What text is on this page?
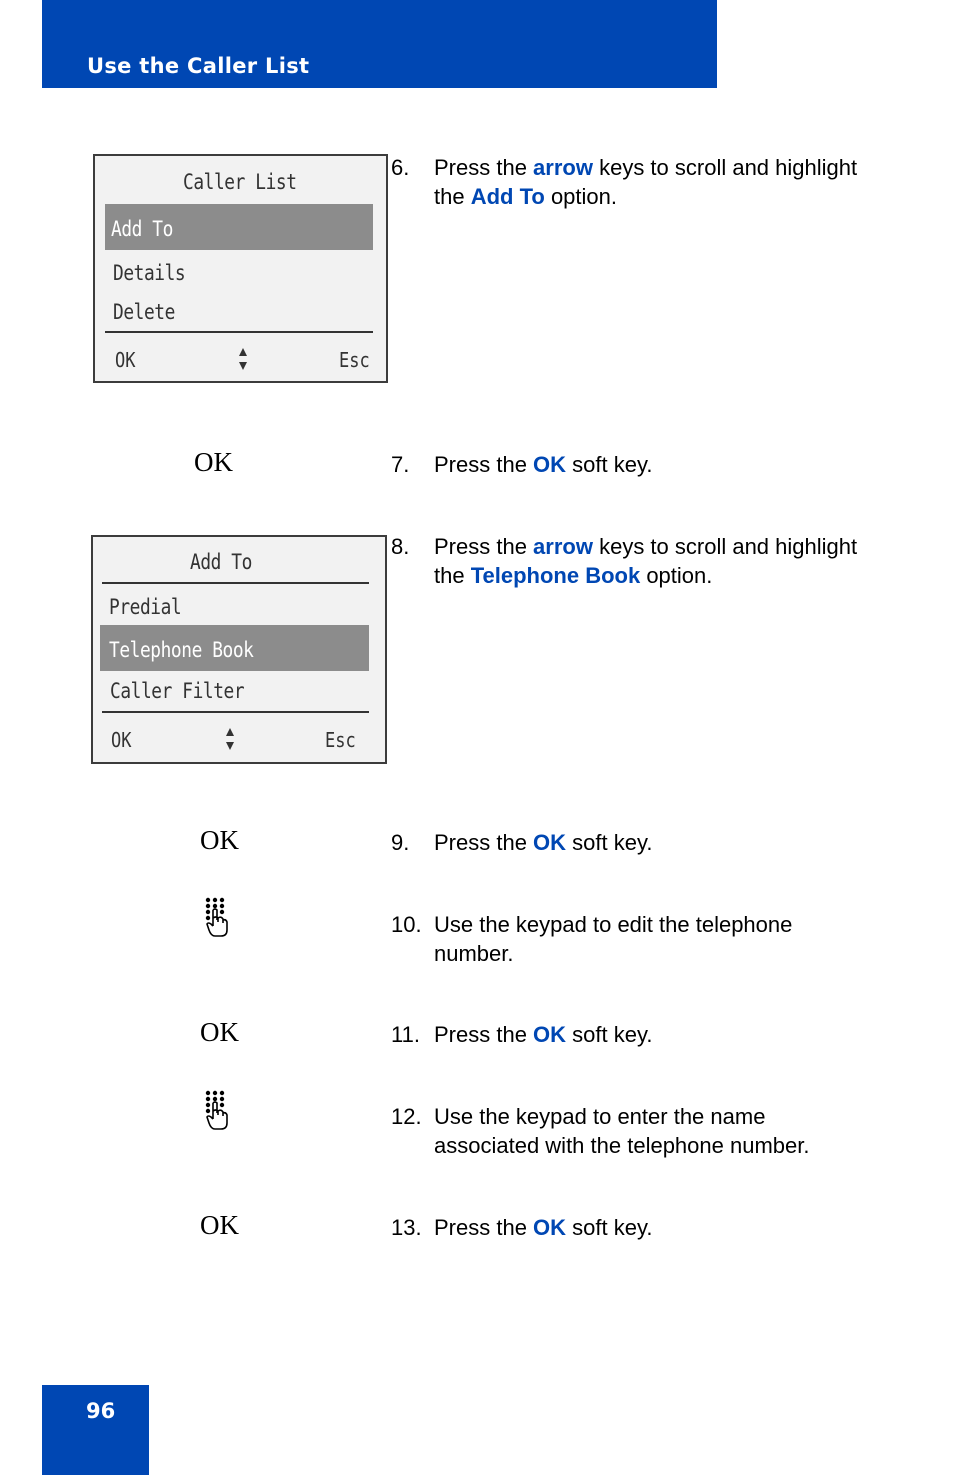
Use the Caller List
Caller List
Add To
Details
Delete
OK	Esc
Add To
Predial
Telephone Book
Caller Filter
OK	Esc
OK
OK
OK
OK
6. Press the arrow keys to scroll and highlight the Add To option.
7. Press the OK soft key.
8. Press the arrow keys to scroll and highlight the Telephone Book option.
9. Press the OK soft key.
10. Use the keypad to edit the telephone number.
11. Press the OK soft key.
12. Use the keypad to enter the name associated with the telephone number.
13. Press the OK soft key.
96
